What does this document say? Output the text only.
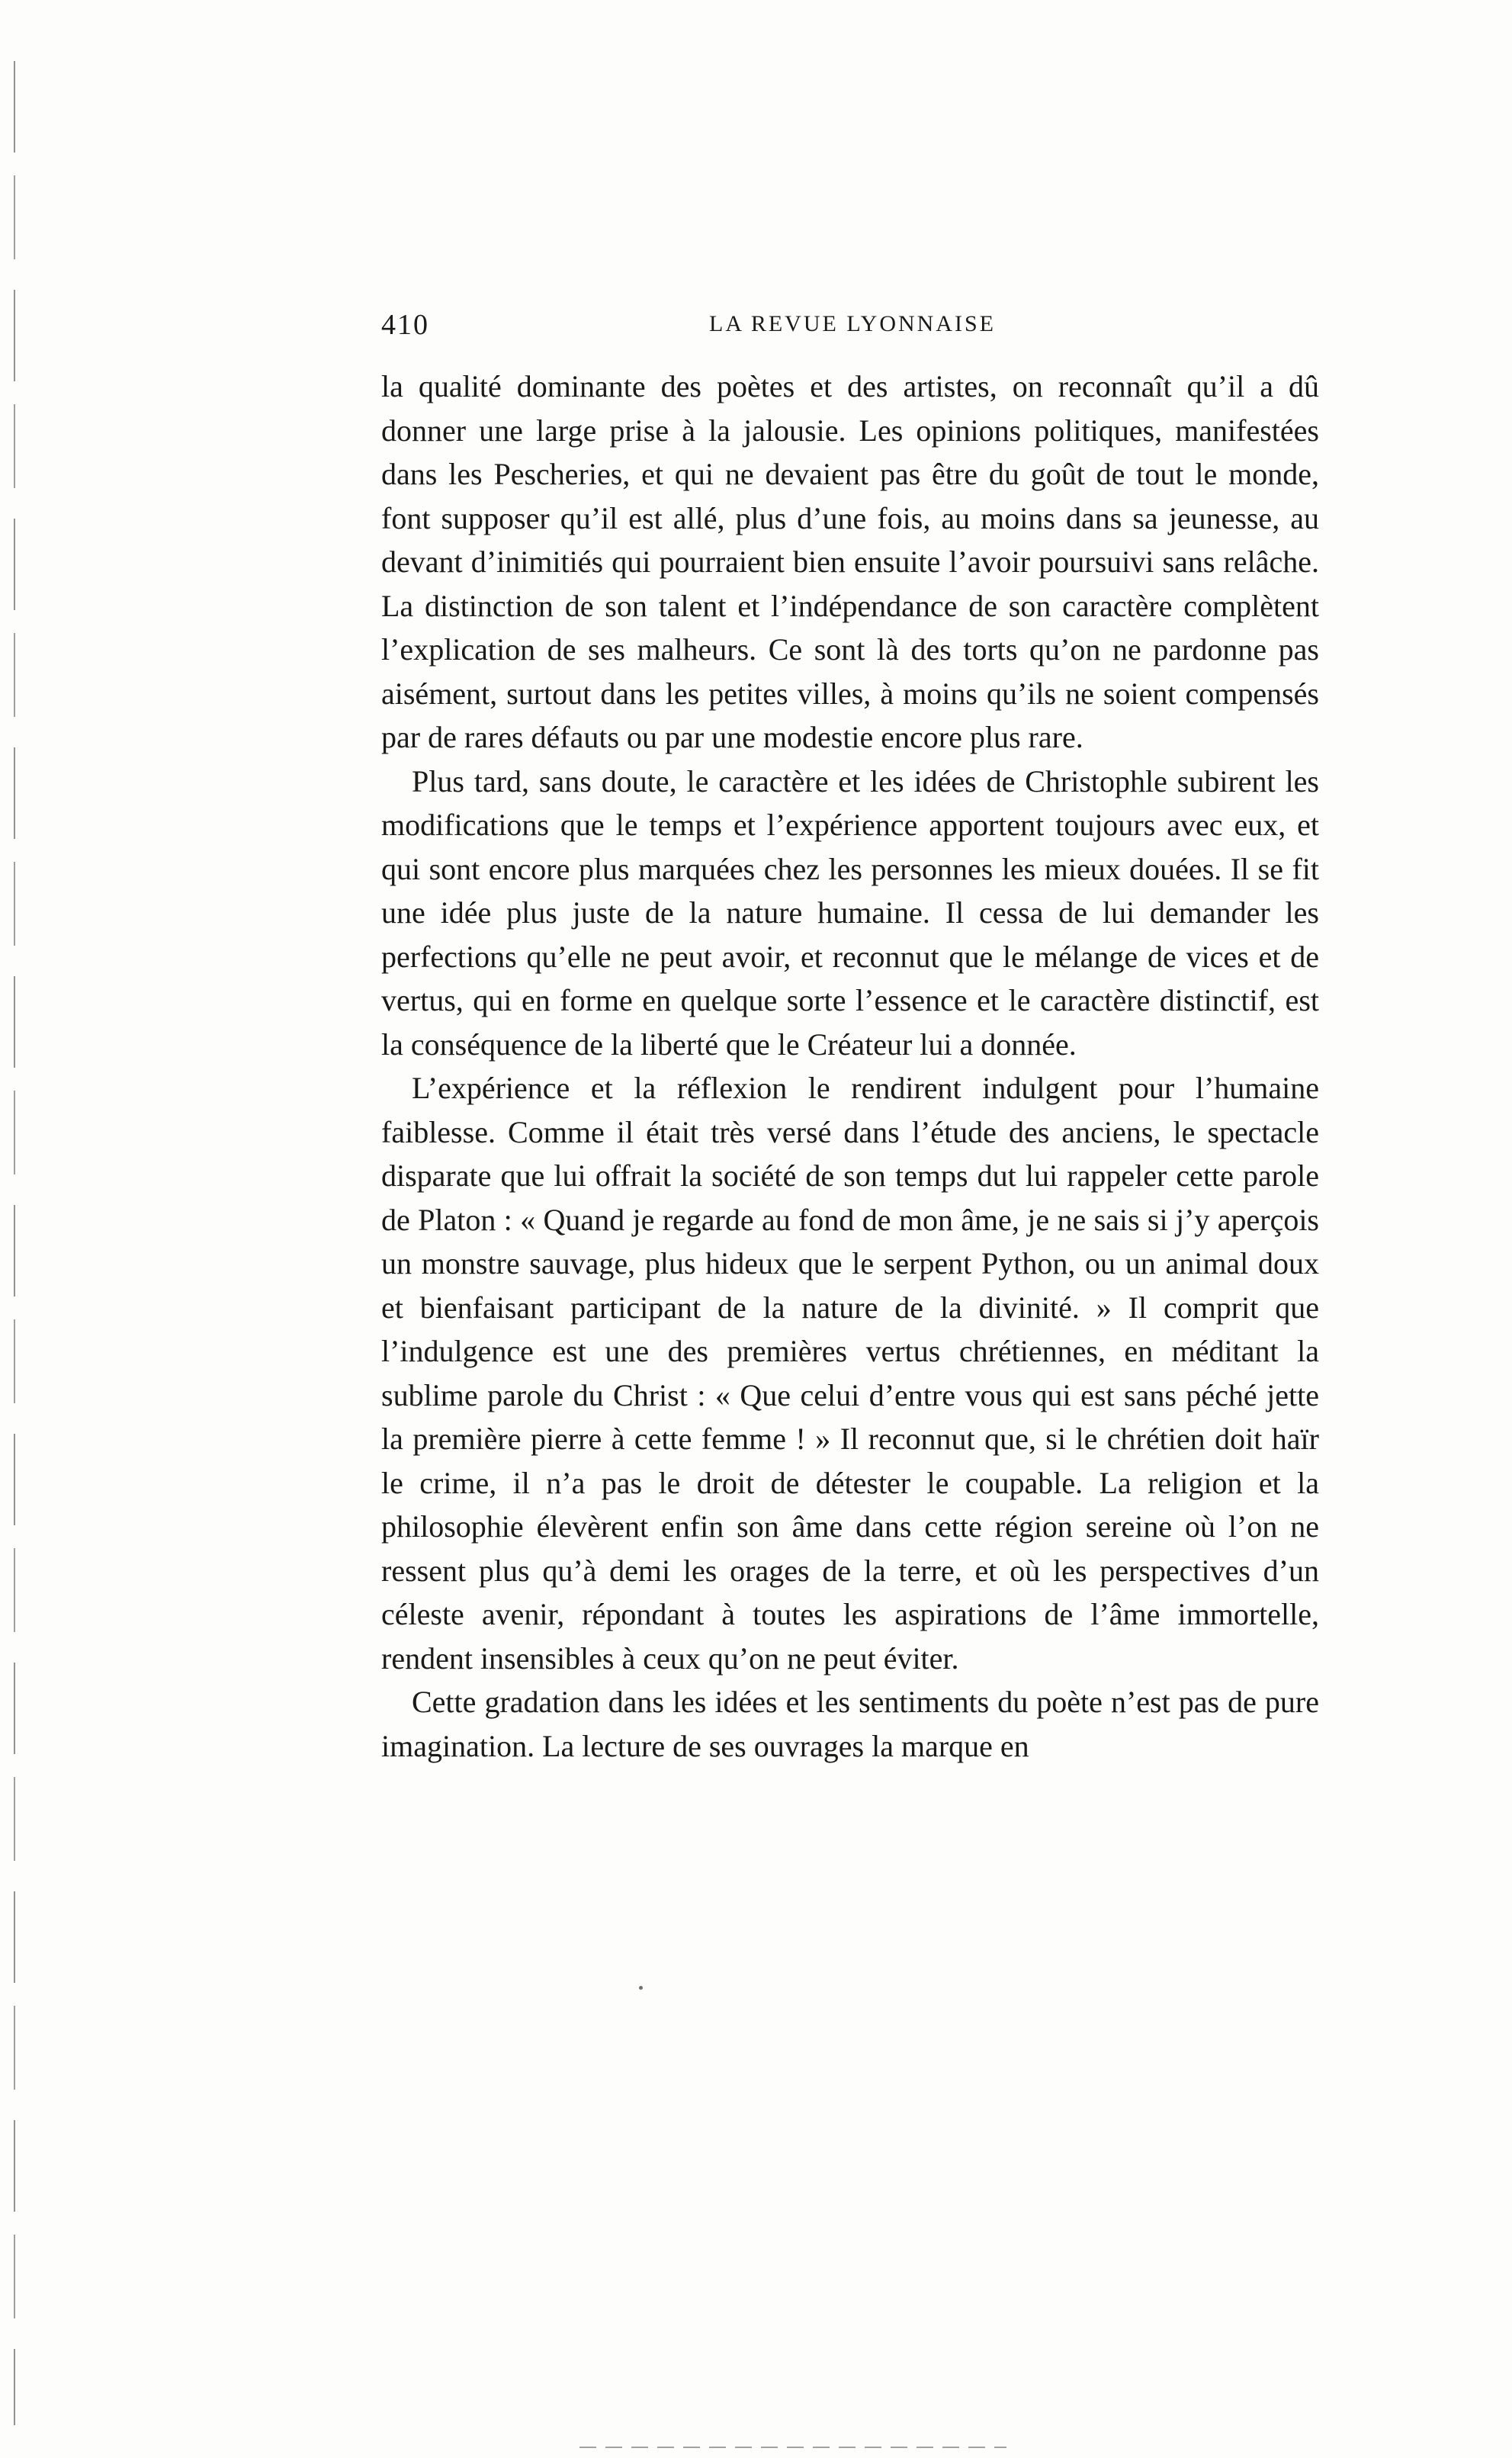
410	LA REVUE LYONNAISE

la qualité dominante des poètes et des artistes, on reconnaît qu’il a dû donner une large prise à la jalousie. Les opinions politiques, manifestées dans les Pescheries, et qui ne devaient pas être du goût de tout le monde, font supposer qu’il est allé, plus d’une fois, au moins dans sa jeunesse, au devant d’inimitiés qui pourraient bien ensuite l’avoir poursuivi sans relâche. La distinction de son talent et l’indépendance de son caractère complètent l’explication de ses malheurs. Ce sont là des torts qu’on ne pardonne pas aisément, surtout dans les petites villes, à moins qu’ils ne soient compensés par de rares défauts ou par une modestie encore plus rare.

Plus tard, sans doute, le caractère et les idées de Christophle subirent les modifications que le temps et l’expérience apportent toujours avec eux, et qui sont encore plus marquées chez les personnes les mieux douées. Il se fit une idée plus juste de la nature humaine. Il cessa de lui demander les perfections qu’elle ne peut avoir, et reconnut que le mélange de vices et de vertus, qui en forme en quelque sorte l’essence et le caractère distinctif, est la conséquence de la liberté que le Créateur lui a donnée.

L’expérience et la réflexion le rendirent indulgent pour l’humaine faiblesse. Comme il était très versé dans l’étude des anciens, le spectacle disparate que lui offrait la société de son temps dut lui rappeler cette parole de Platon : « Quand je regarde au fond de mon âme, je ne sais si j’y aperçois un monstre sauvage, plus hideux que le serpent Python, ou un animal doux et bienfaisant participant de la nature de la divinité. » Il comprit que l’indulgence est une des premières vertus chrétiennes, en méditant la sublime parole du Christ : « Que celui d’entre vous qui est sans péché jette la première pierre à cette femme ! » Il reconnut que, si le chrétien doit haïr le crime, il n’a pas le droit de détester le coupable. La religion et la philosophie élevèrent enfin son âme dans cette région sereine où l’on ne ressent plus qu’à demi les orages de la terre, et où les perspectives d’un céleste avenir, répondant à toutes les aspirations de l’âme immortelle, rendent insensibles à ceux qu’on ne peut éviter.

Cette gradation dans les idées et les sentiments du poète n’est pas de pure imagination. La lecture de ses ouvrages la marque en
